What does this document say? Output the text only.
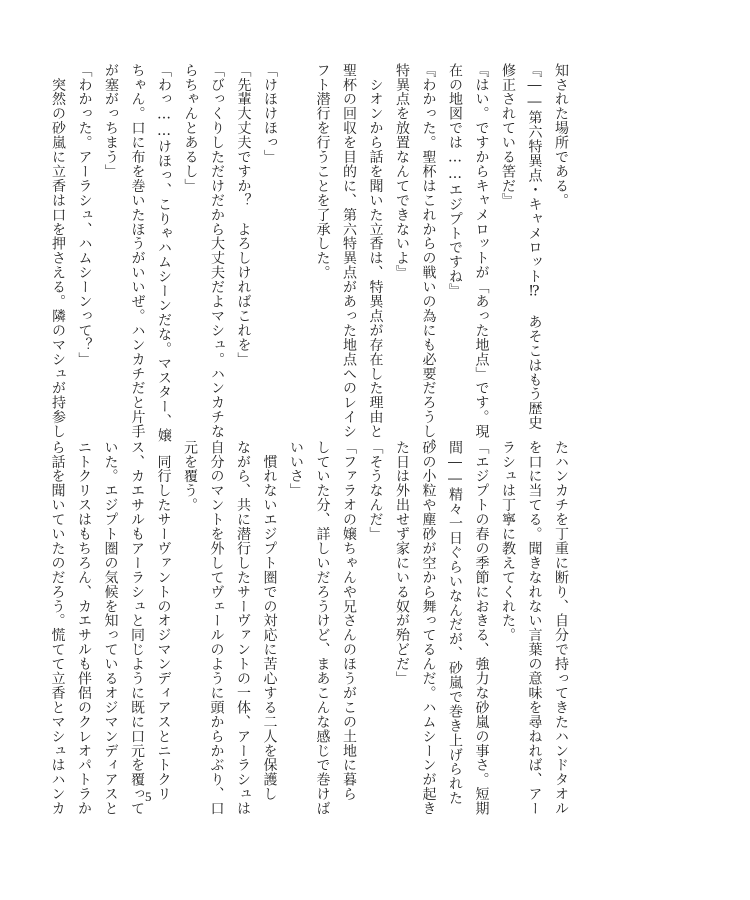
知された場所である。
『――第六特異点・キャメロット⁉　あそこはもう歴史
修正されている筈だ』
『はい。ですからキャメロットが「あった地点」です。現
在の地図では……エジプトですね』
『わかった。聖杯はこれからの戦いの為にも必要だろうし、
特異点を放置なんてできないよ』
　シオンから話を聞いた立香は、特異点が存在した理由と
聖杯の回収を目的に、第六特異点があった地点へのレイシ
フト潜行を行うことを了承した。
「けほけほっ」
「先輩大丈夫ですか？　よろしければこれを」
「びっくりしただけだから大丈夫だよマシュ。ハンカチな
らちゃんとあるし」
「わっ……けほっ、こりゃハムシーンだな。マスター、嬢
ちゃん。口に布を巻いたほうがいいぜ。ハンカチだと片手
が塞がっちまう」
「わかった。アーラシュ、ハムシーンって？」
　突然の砂嵐に立香は口を押さえる。隣のマシュが持参し
たハンカチを丁重に断り、自分で持ってきたハンドタオル
を口に当てる。聞きなれない言葉の意味を尋ねれば、アー
ラシュは丁寧に教えてくれた。
「エジプトの春の季節におきる、強力な砂嵐の事さ。短期
間――精々一日ぐらいなんだが、砂嵐で巻き上げられた
砂の小粒や塵砂が空から舞ってるんだ。ハムシーンが起き
た日は外出せず家にいる奴が殆どだ」
「そうなんだ」
「ファラオの嬢ちゃんや兄さんのほうがこの土地に暮ら
していた分、詳しいだろうけど、まあこんな感じで巻けば
いいさ」
　慣れないエジプト圏での対応に苦心する二人を保護し
ながら、共に潜行したサーヴァントの一体、アーラシュは
自分のマントを外してヴェールのように頭からかぶり、口
元を覆う。
　同行したサーヴァントのオジマンディアスとニトクリ
ス、カエサルもアーラシュと同じように既に口元を覆って
いた。エジプト圏の気候を知っているオジマンディアスと
ニトクリスはもちろん、カエサルも伴侶のクレオパトラか
ら話を聞いていたのだろう。慌てて立香とマシュはハンカ	5
